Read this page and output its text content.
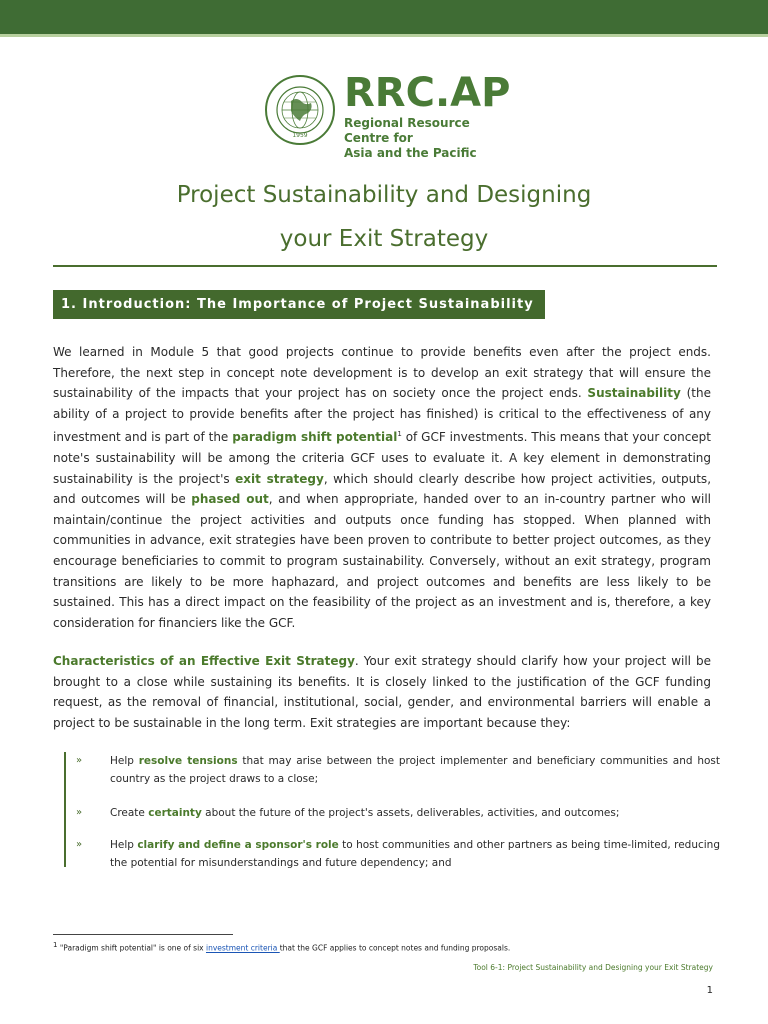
1959
RRC.AP
Regional Resource Centre for
Asia and the Pacific
Project Sustainability and Designing
your Exit Strategy
1. Introduction: The Importance of Project Sustainability
We learned in Module 5 that good projects continue to provide benefits even after the project ends. Therefore, the next step in concept note development is to develop an exit strategy that will ensure the sustainability of the impacts that your project has on society once the project ends. Sustainability (the ability of a project to provide benefits after the project has finished) is critical to the effectiveness of any investment and is part of the paradigm shift potential$^1$ of GCF investments. This means that your concept note's sustainability will be among the criteria GCF uses to evaluate it. A key element in demonstrating sustainability is the project's exit strategy, which should clearly describe how project activities, outputs, and outcomes will be phased out, and when appropriate, handed over to an in-country partner who will maintain/continue the project activities and outputs once funding has stopped. When planned with communities in advance, exit strategies have been proven to contribute to better project outcomes, as they encourage beneficiaries to commit to program sustainability. Conversely, without an exit strategy, program transitions are likely to be more haphazard, and project outcomes and benefits are less likely to be sustained. This has a direct impact on the feasibility of the project as an investment and is, therefore, a key consideration for financiers like the GCF.
Characteristics of an Effective Exit Strategy. Your exit strategy should clarify how your project will be brought to a close while sustaining its benefits. It is closely linked to the justification of the GCF funding request, as the removal of financial, institutional, social, gender, and environmental barriers will enable a project to be sustainable in the long term. Exit strategies are important because they:
»	Help resolve tensions that may arise between the project implementer and beneficiary communities and host country as the project draws to a close;
»	Create certainty about the future of the project's assets, deliverables, activities, and outcomes;
»	Help clarify and define a sponsor's role to host communities and other partners as being time-limited, reducing the potential for misunderstandings and future dependency; and
1 "Paradigm shift potential" is one of six investment criteria that the GCF applies to concept notes and funding proposals.
Tool 6-1: Project Sustainability and Designing your Exit Strategy
1
